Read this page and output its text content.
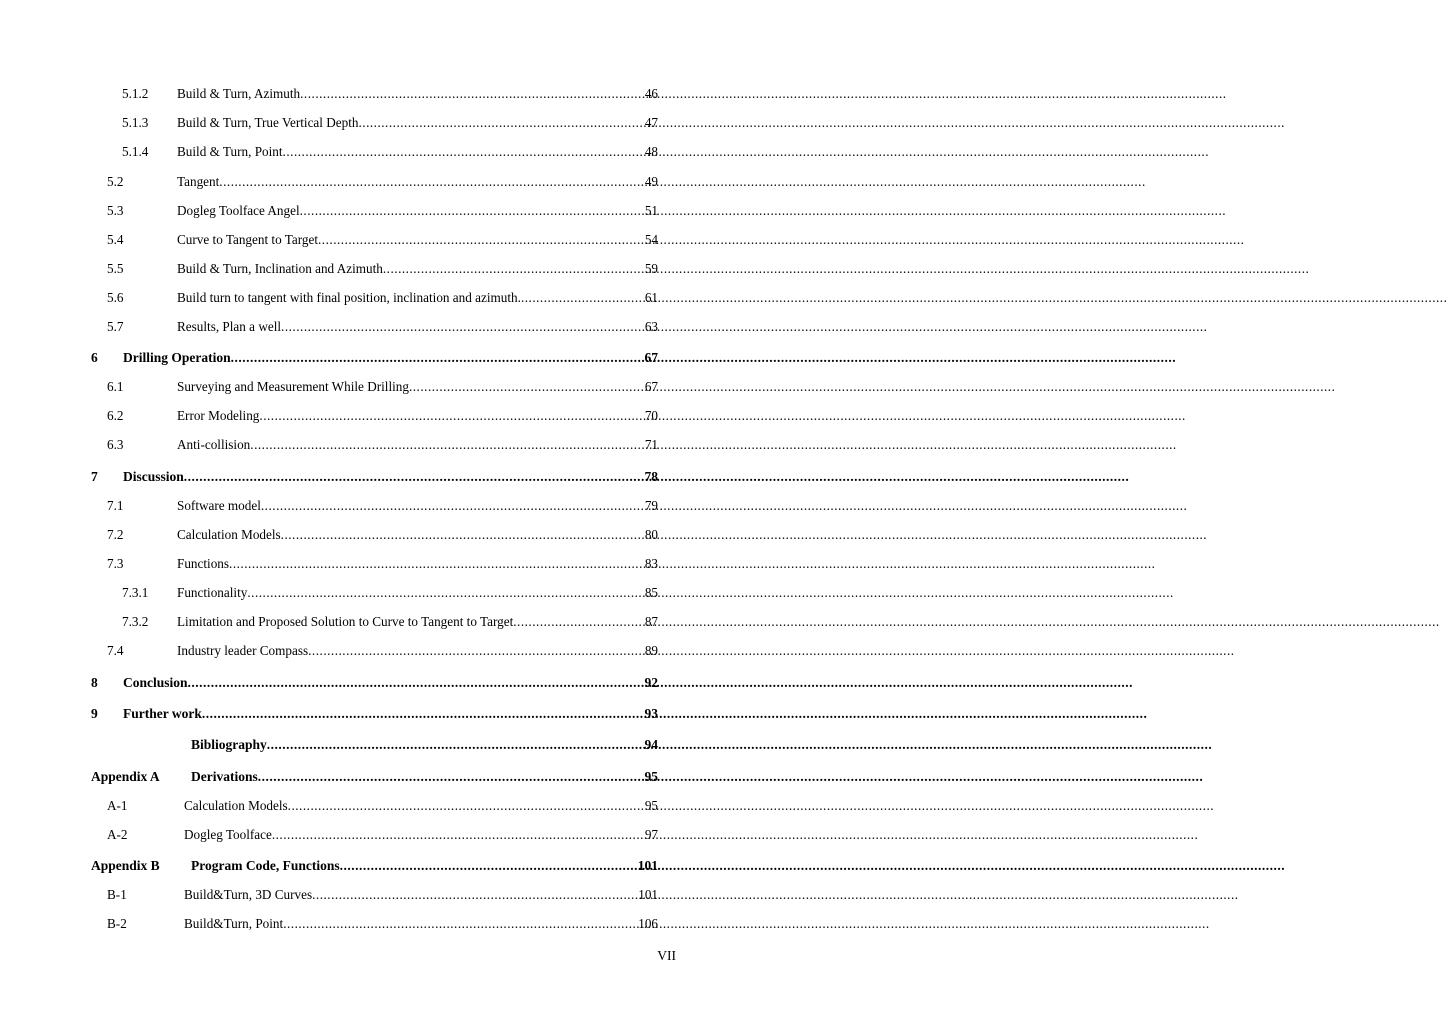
5.1.2	Build & Turn, Azimuth .....	46
5.1.3	Build & Turn, True Vertical Depth .....	47
5.1.4	Build & Turn, Point .....	48
5.2	Tangent .....	49
5.3	Dogleg Toolface Angel .....	51
5.4	Curve to Tangent to Target .....	54
5.5	Build & Turn, Inclination and Azimuth .....	59
5.6	Build turn to tangent with final position, inclination and azimuth. .....	61
5.7	Results, Plan a well .....	63
6	Drilling Operation .....	67
6.1	Surveying and Measurement While Drilling .....	67
6.2	Error Modeling .....	70
6.3	Anti-collision .....	71
7	Discussion .....	78
7.1	Software model .....	79
7.2	Calculation Models .....	80
7.3	Functions .....	83
7.3.1	Functionality .....	85
7.3.2	Limitation and Proposed Solution to Curve to Tangent to Target .....	87
7.4	Industry leader Compass .....	89
8	Conclusion .....	92
9	Further work .....	93
Bibliography .....	94
Appendix A	Derivations .....	95
A-1	Calculation Models .....	95
A-2	Dogleg Toolface .....	97
Appendix B	Program Code, Functions .....	101
B-1	Build&Turn, 3D Curves .....	101
B-2	Build&Turn, Point .....	106
VII
